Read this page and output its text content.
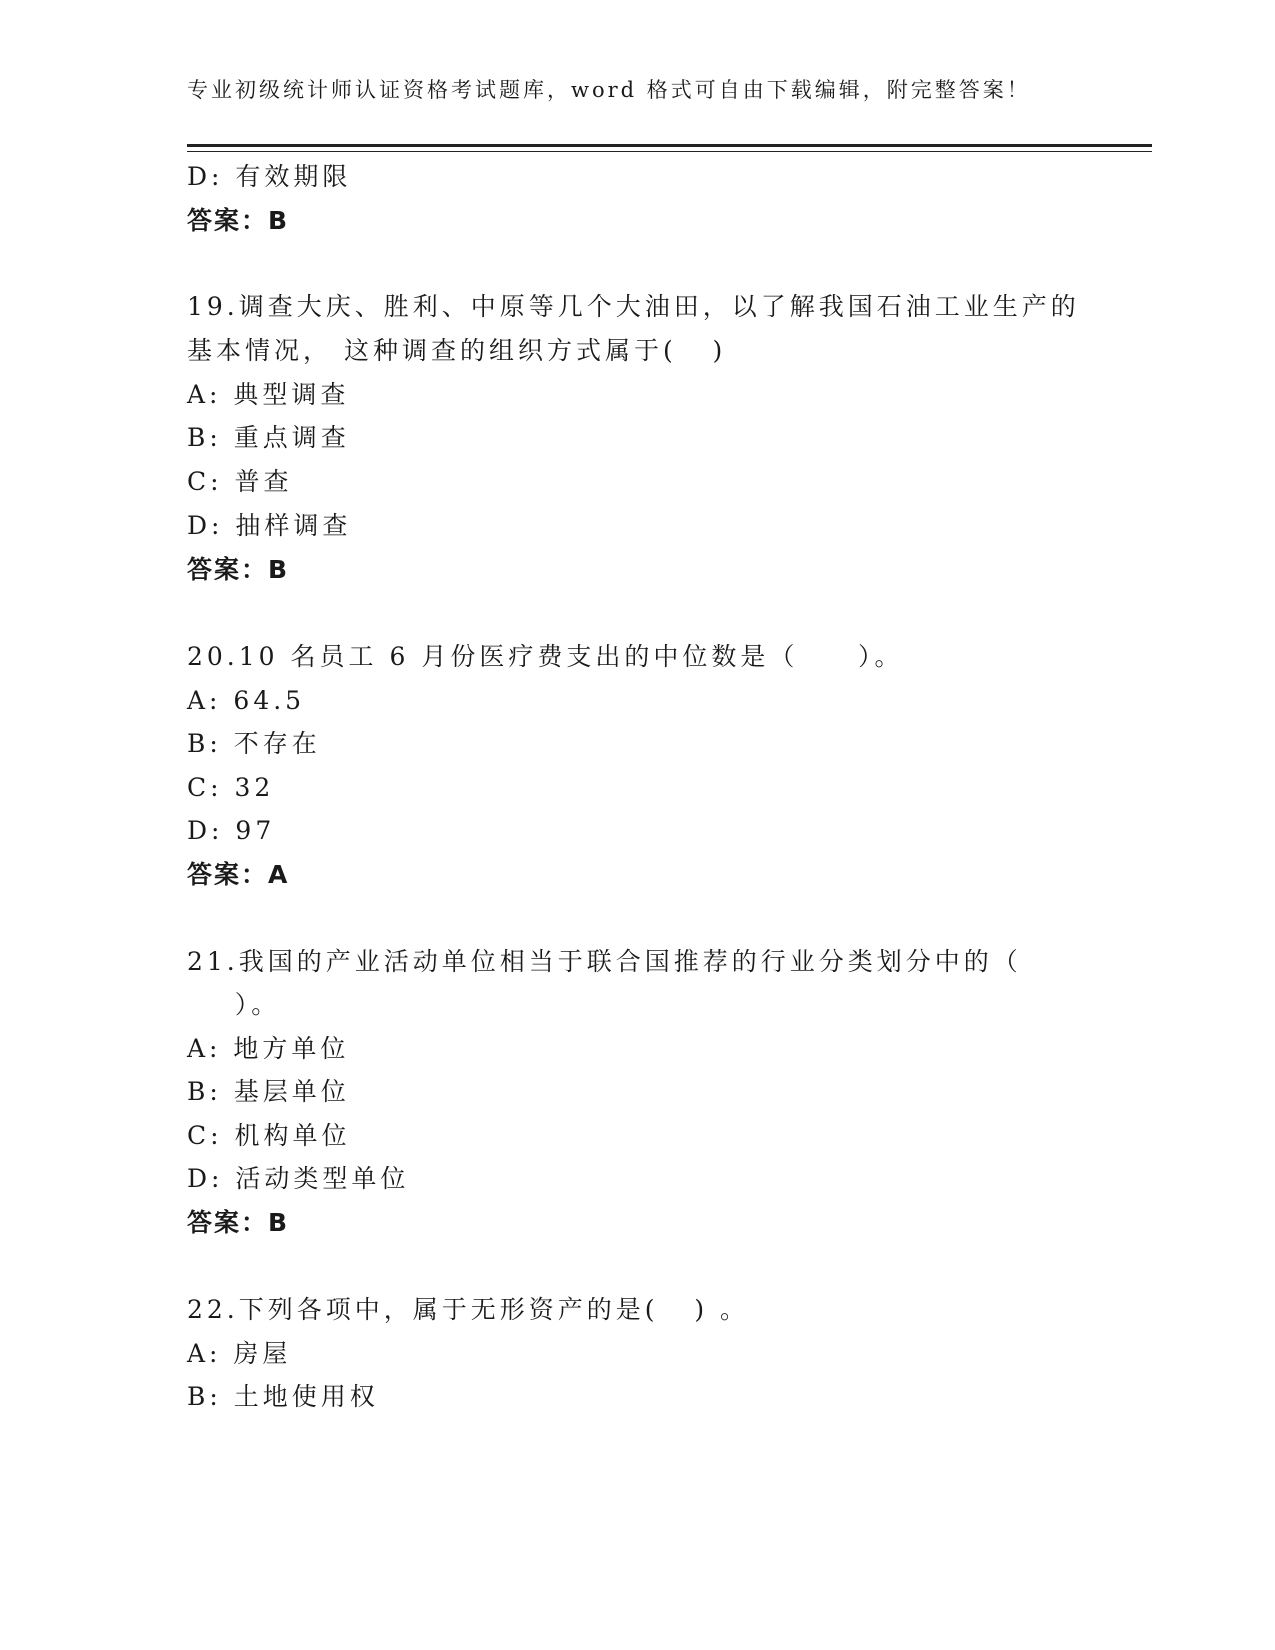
专业初级统计师认证资格考试题库，word 格式可自由下载编辑，附完整答案！
D: 有效期限
答案：B
19.调查大庆、胜利、中原等几个大油田，以了解我国石油工业生产的
基本情况， 这种调查的组织方式属于(   )
A: 典型调查
B: 重点调查
C: 普查
D: 抽样调查
答案：B
20.10 名员工 6 月份医疗费支出的中位数是（     ）。
A: 64.5
B: 不存在
C: 32
D: 97
答案：A
21.我国的产业活动单位相当于联合国推荐的行业分类划分中的（
）。
A: 地方单位
B: 基层单位
C: 机构单位
D: 活动类型单位
答案：B
22.下列各项中，属于无形资产的是(   ) 。
A: 房屋
B: 土地使用权
